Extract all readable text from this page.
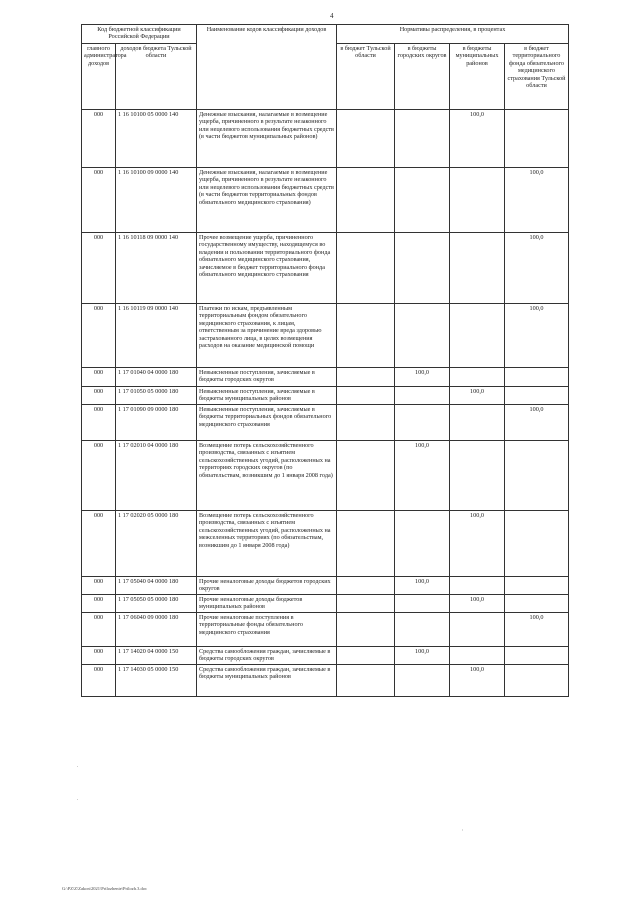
4
Код бюджетной классификации Российской Федерации		Наименование кодов классификации доходов	Нормативы распределения, в процентах			
главного администратора доходов	доходов бюджета Тульской области		в бюджет Тульской области	в бюджеты городских округов	в бюджеты муниципальных районов	в бюджет территориального фонда обязательного медицинского страхования Тульской области
000	1 16 10100 05 0000 140	Денежные взыскания, налагаемые в возмещение ущерба, причиненного в результате незаконного или нецелевого использования бюджетных средств (в части бюджетов муниципальных районов)			100,0	
000	1 16 10100 09 0000 140	Денежные взыскания, налагаемые в возмещение ущерба, причиненного в результате незаконного или нецелевого использования бюджетных средств (в части бюджетов территориальных фондов обязательного медицинского страхования)				100,0
000	1 16 10118 09 0000 140	Прочее возмещение ущерба, причиненного государственному имуществу, находящемуся во владении и пользовании территориального фонда обязательного медицинского страхования, зачисляемое в бюджет территориального фонда обязательного медицинского страхования				100,0
000	1 16 10119 09 0000 140	Платежи по искам, предъявленным территориальным фондом обязательного медицинского страхования, к лицам, ответственным за причинение вреда здоровью застрахованного лица, в целях возмещения расходов на оказание медицинской помощи				100,0
000	1 17 01040 04 0000 180	Невыясненные поступления, зачисляемые в бюджеты городских округов		100,0		
000	1 17 01050 05 0000 180	Невыясненные поступления, зачисляемые в бюджеты муниципальных районов			100,0	
000	1 17 01090 09 0000 180	Невыясненные поступления, зачисляемые в бюджеты территориальных фондов обязательного медицинского страхования				100,0
000	1 17 02010 04 0000 180	Возмещение потерь сельскохозяйственного производства, связанных с изъятием сельскохозяйственных угодий, расположенных на территориях городских округов (по обязательствам, возникшим до 1 января 2008 года)		100,0		
000	1 17 02020 05 0000 180	Возмещение потерь сельскохозяйственного производства, связанных с изъятием сельскохозяйственных угодий, расположенных на межселенных территориях (по обязательствам, возникшим до 1 января 2008 года)			100,0	
000	1 17 05040 04 0000 180	Прочие неналоговые доходы бюджетов городских округов		100,0		
000	1 17 05050 05 0000 180	Прочие неналоговые доходы бюджетов муниципальных районов			100,0	
000	1 17 06040 09 0000 180	Прочие неналоговые поступления в территориальные фонды обязательного медицинского страхования				100,0
000	1 17 14020 04 0000 150	Средства самообложения граждан, зачисляемые в бюджеты городских округов		100,0		
000	1 17 14030 05 0000 150	Средства самообложения граждан, зачисляемые в бюджеты муниципальных районов			100,0	
.
.
'
G:\PZ\Z\Zakon\2021\Prilozhenie\Prilozh.3.doc
